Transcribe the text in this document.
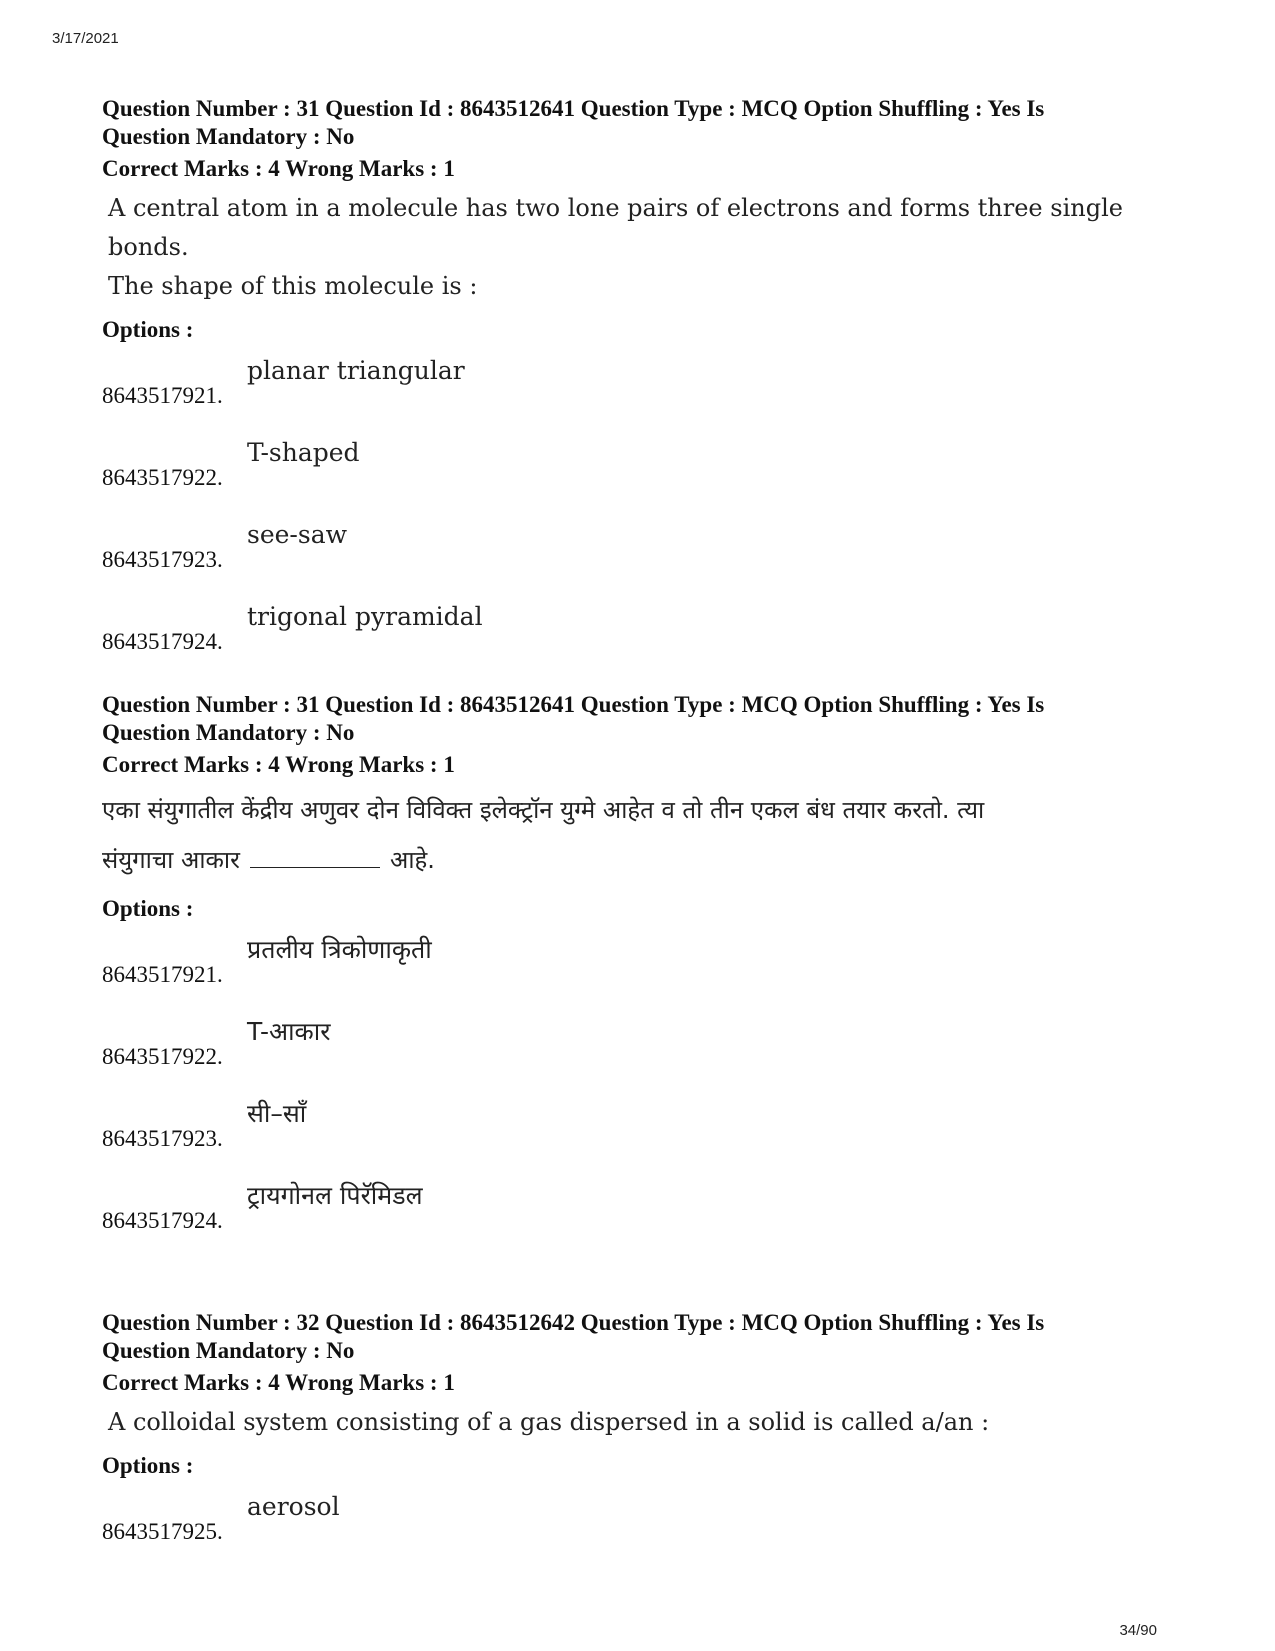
3/17/2021
Question Number : 31 Question Id : 8643512641 Question Type : MCQ Option Shuffling : Yes Is
Question Mandatory : No
Correct Marks : 4 Wrong Marks : 1
A central atom in a molecule has two lone pairs of electrons and forms three single bonds.
The shape of this molecule is :
Options :
8643517921.
planar triangular
8643517922.
T-shaped
8643517923.
see-saw
8643517924.
trigonal pyramidal
Question Number : 31 Question Id : 8643512641 Question Type : MCQ Option Shuffling : Yes Is
Question Mandatory : No
Correct Marks : 4 Wrong Marks : 1
एका संयुगातील केंद्रीय अणुवर दोन विविक्त इलेक्ट्रॉन युग्मे आहेत व तो तीन एकल बंध तयार करतो. त्या
संयुगाचा आकार	आहे.
Options :
8643517921.
प्रतलीय त्रिकोणाकृती
8643517922.
T-आकार
8643517923.
सी–साँ
8643517924.
ट्रायगोनल पिरॅमिडल
Question Number : 32 Question Id : 8643512642 Question Type : MCQ Option Shuffling : Yes Is
Question Mandatory : No
Correct Marks : 4 Wrong Marks : 1
A colloidal system consisting of a gas dispersed in a solid is called a/an :
Options :
8643517925.
aerosol
34/90
